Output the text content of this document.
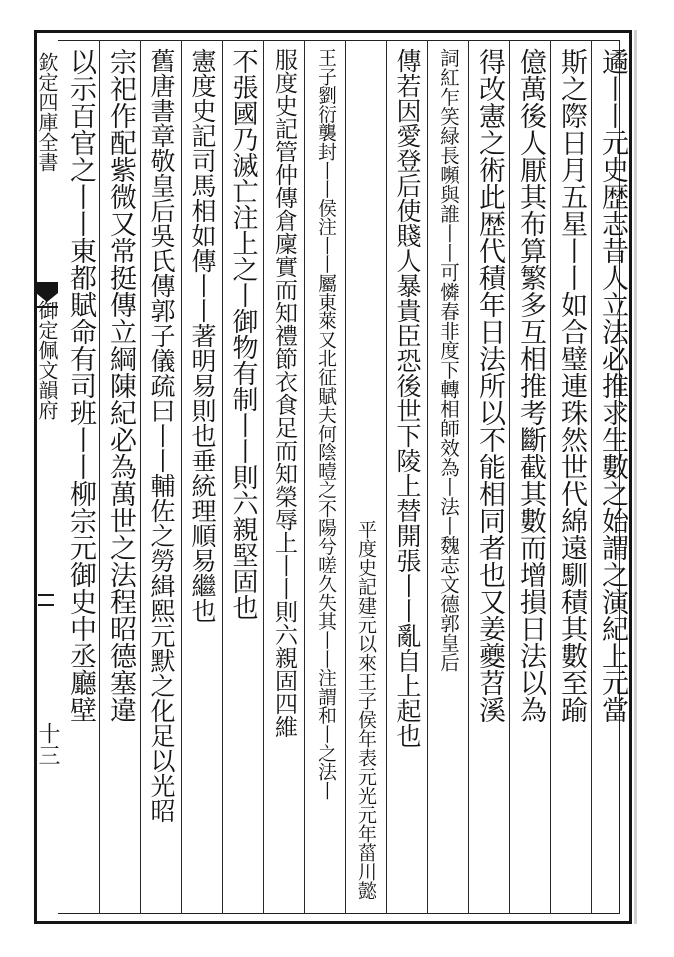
欽定四庫全書
御定佩文韻府
十三
遹丨丨元史歴志昔人立法必推求生數之始謂之演紀上元當
斯之際日月五星丨丨如合璧連珠然世代綿遠馴積其數至踰
億萬後人厭其布算繁多互相推考斷截其數而增損日法以為
得改憲之術此歴代積年日法所以不能相同者也又姜夔苕溪
詞紅乍笑緑長嚬與誰丨丨可憐春非度下轉相師效為丨法丨魏志文德郭皇后
傳若因愛登后使賤人暴貴臣恐後世下陵上替開張丨丨亂自上起也
平度史記建元以來王子侯年表元光元年菑川懿
王子劉衍襲封丨丨侯注丨丨屬東萊又北征賦夫何陰曀之不陽兮嗟久失其丨丨注謂和丨之法丨
服度史記管仲傳倉廩實而知禮節衣食足而知榮辱上丨丨則六親固四維
不張國乃滅亡注上之丨御物有制丨丨則六親堅固也
憲度史記司馬相如傳丨丨著明易則也垂統理順易繼也
舊唐書章敬皇后吳氏傳郭子儀疏曰丨丨輔佐之勞緝熙元默之化足以光昭
宗祀作配紫微又常挺傳立綱陳紀必為萬世之法程昭德塞違
以示百官之丨丨東都賦命有司班丨丨柳宗元御史中丞廳壁
